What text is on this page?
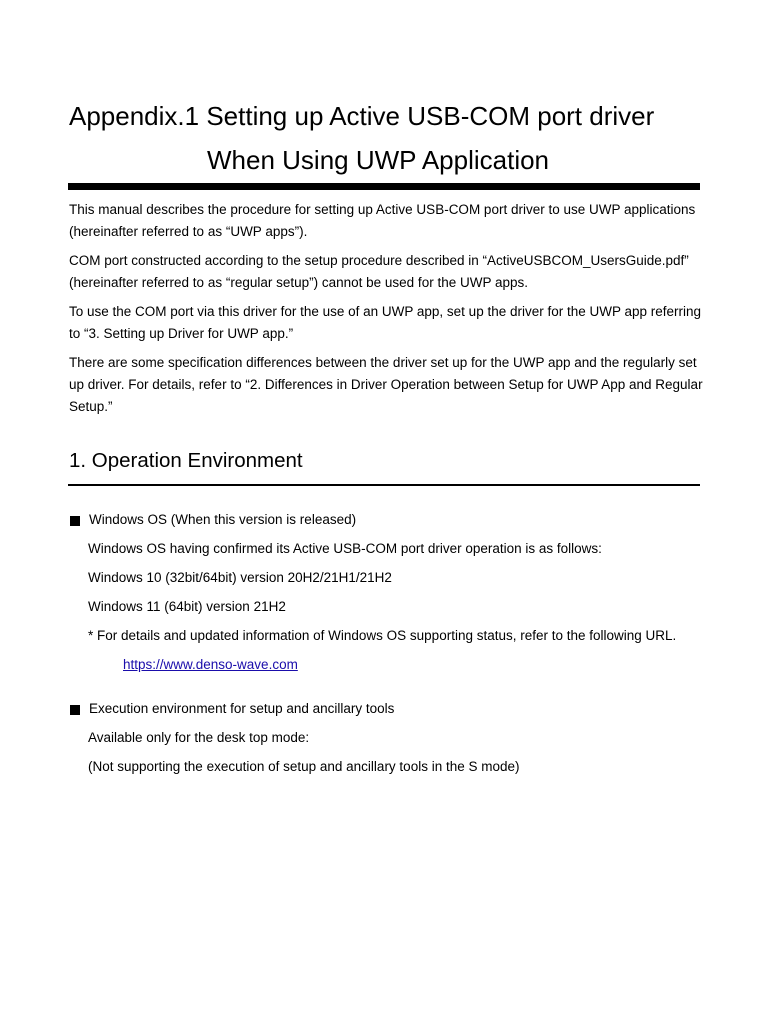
Appendix.1 Setting up Active USB-COM port driver
When Using UWP Application

This manual describes the procedure for setting up Active USB-COM port driver to use UWP applications (hereinafter referred to as “UWP apps”).

COM port constructed according to the setup procedure described in “ActiveUSBCOM_UsersGuide.pdf” (hereinafter referred to as “regular setup”) cannot be used for the UWP apps.

To use the COM port via this driver for the use of an UWP app, set up the driver for the UWP app referring to “3. Setting up Driver for UWP app.”

There are some specification differences between the driver set up for the UWP app and the regularly set up driver. For details, refer to “2. Differences in Driver Operation between Setup for UWP App and Regular Setup.”

1. Operation Environment
Windows OS (When this version is released)
Windows OS having confirmed its Active USB-COM port driver operation is as follows:
Windows 10 (32bit/64bit) version 20H2/21H1/21H2
Windows 11 (64bit) version 21H2
* For details and updated information of Windows OS supporting status, refer to the following URL.
https://www.denso-wave.com
Execution environment for setup and ancillary tools
Available only for the desk top mode:
(Not supporting the execution of setup and ancillary tools in the S mode)
